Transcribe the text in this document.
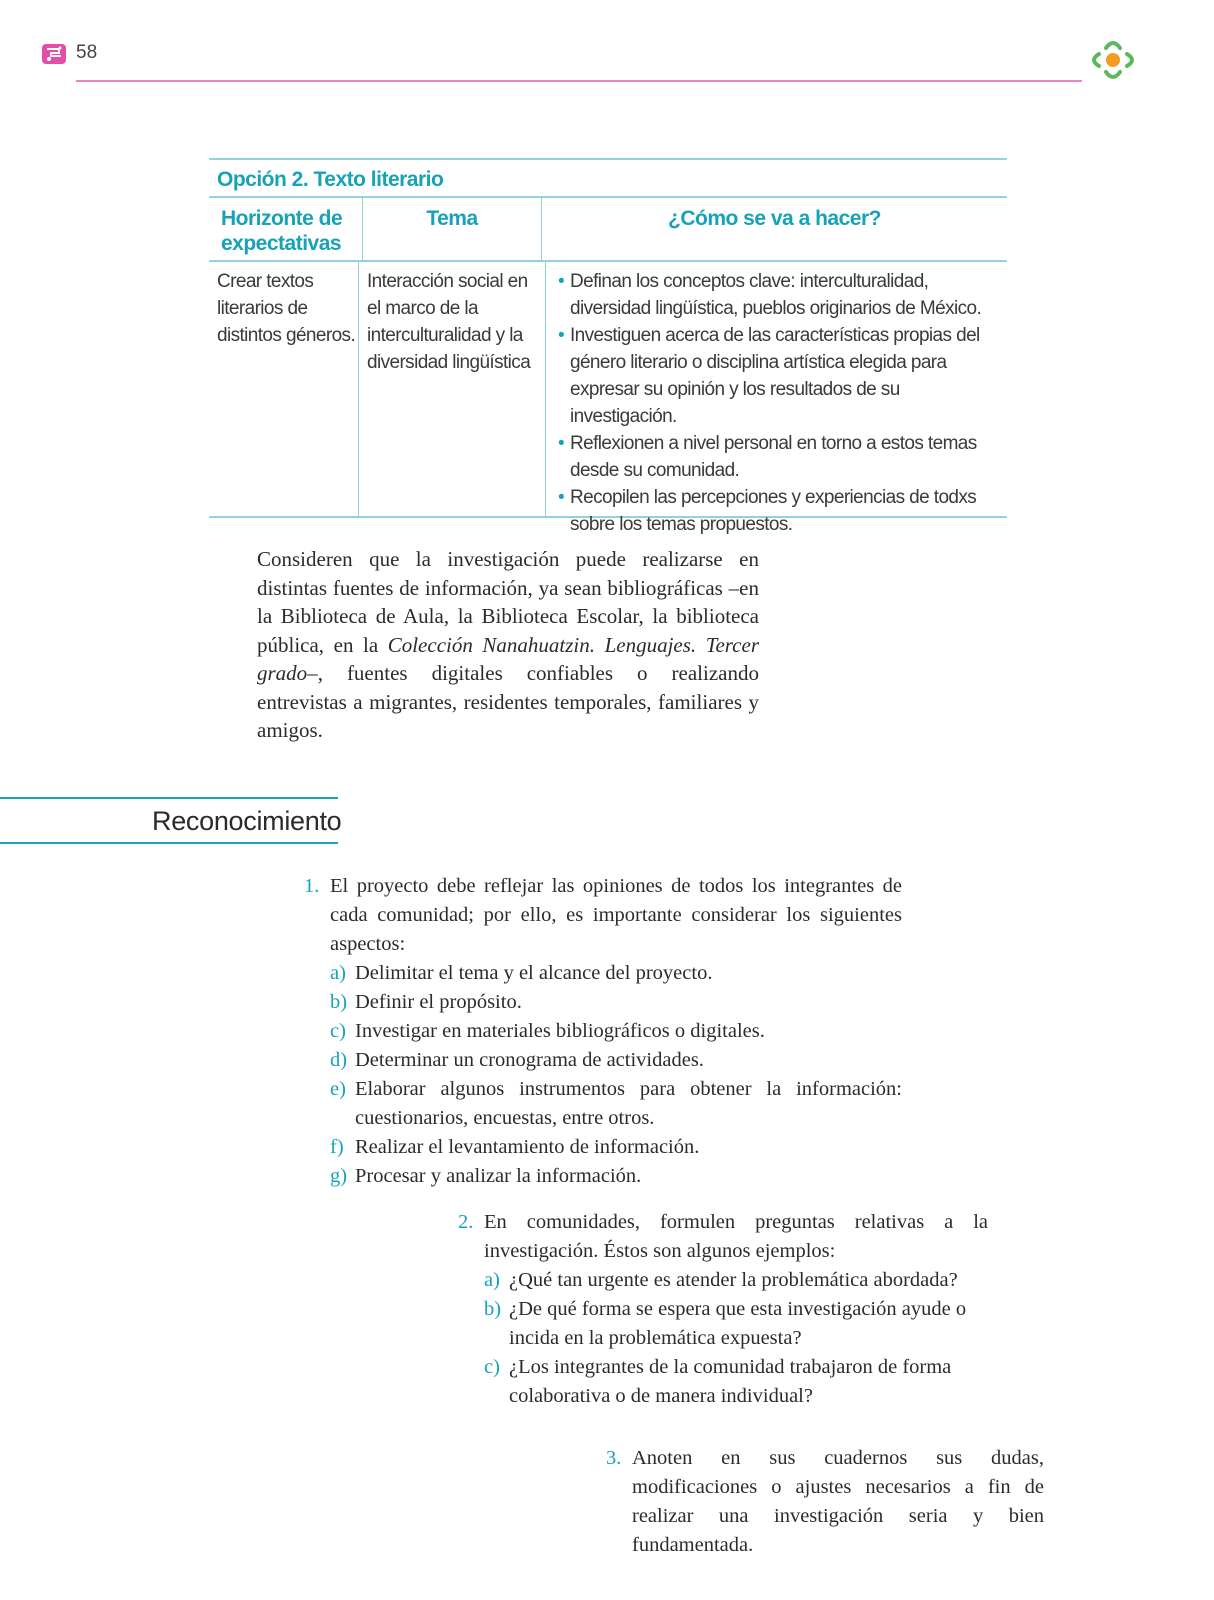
58
Opción 2. Texto literario
Horizonte de expectativas
Tema	¿Cómo se va a hacer?
Crear textos literarios de distintos géneros.
Interacción social en el marco de la interculturalidad y la diversidad lingüística
• Definan los conceptos clave: interculturalidad, diversidad lingüística, pueblos originarios de México.
• Investiguen acerca de las características propias del género literario o disciplina artística elegida para expresar su opinión y los resultados de su investigación.
• Reflexionen a nivel personal en torno a estos temas desde su comunidad.
• Recopilen las percepciones y experiencias de todxs sobre los temas propuestos.
Consideren que la investigación puede realizarse en distintas fuentes de información, ya sean bibliográficas –en la Biblioteca de Aula, la Biblioteca Escolar, la biblioteca pública, en la Colección Nanahuatzin. Lenguajes. Tercer grado–, fuentes digitales confiables o realizando entrevistas a migrantes, residentes temporales, familiares y amigos.
Reconocimiento
1. El proyecto debe reflejar las opiniones de todos los integrantes de cada comunidad; por ello, es importante considerar los siguientes aspectos:
a) Delimitar el tema y el alcance del proyecto.
b) Definir el propósito.
c) Investigar en materiales bibliográficos o digitales.
d) Determinar un cronograma de actividades.
e) Elaborar algunos instrumentos para obtener la información: cuestionarios, encuestas, entre otros.
f) Realizar el levantamiento de información.
g) Procesar y analizar la información.
2. En comunidades, formulen preguntas relativas a la investigación. Éstos son algunos ejemplos:
a) ¿Qué tan urgente es atender la problemática abordada?
b) ¿De qué forma se espera que esta investigación ayude o incida en la problemática expuesta?
c) ¿Los integrantes de la comunidad trabajaron de forma colaborativa o de manera individual?
3. Anoten en sus cuadernos sus dudas, modificaciones o ajustes necesarios a fin de realizar una investigación seria y bien fundamentada.
